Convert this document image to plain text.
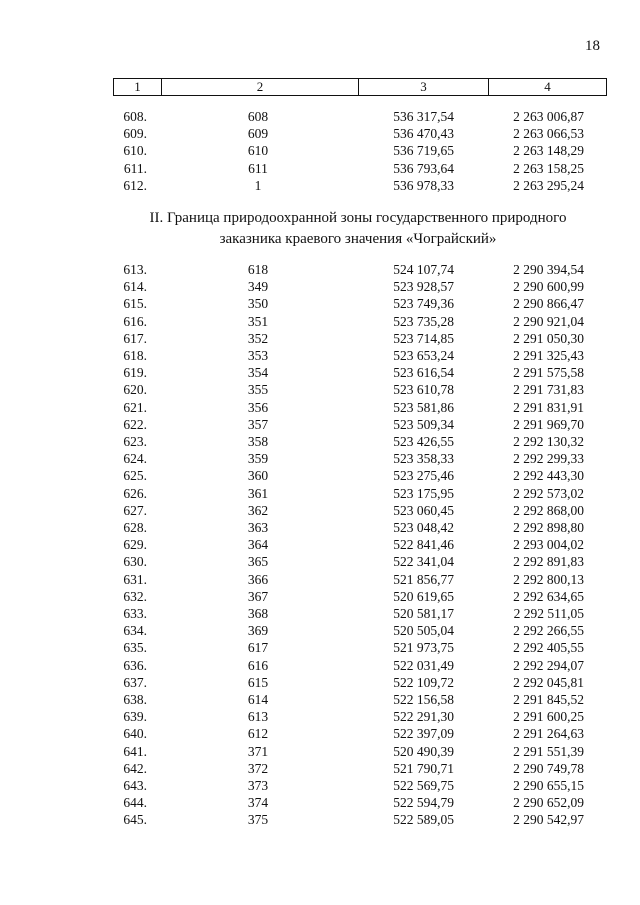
18
1	2	3	4
608.	608	536 317,54	2 263 006,87
609.	609	536 470,43	2 263 066,53
610.	610	536 719,65	2 263 148,29
611.	611	536 793,64	2 263 158,25
612.	1	536 978,33	2 263 295,24
II. Граница природоохранной зоны государственного природного
заказника краевого значения «Чограйский»
613.	618	524 107,74	2 290 394,54
614.	349	523 928,57	2 290 600,99
615.	350	523 749,36	2 290 866,47
616.	351	523 735,28	2 290 921,04
617.	352	523 714,85	2 291 050,30
618.	353	523 653,24	2 291 325,43
619.	354	523 616,54	2 291 575,58
620.	355	523 610,78	2 291 731,83
621.	356	523 581,86	2 291 831,91
622.	357	523 509,34	2 291 969,70
623.	358	523 426,55	2 292 130,32
624.	359	523 358,33	2 292 299,33
625.	360	523 275,46	2 292 443,30
626.	361	523 175,95	2 292 573,02
627.	362	523 060,45	2 292 868,00
628.	363	523 048,42	2 292 898,80
629.	364	522 841,46	2 293 004,02
630.	365	522 341,04	2 292 891,83
631.	366	521 856,77	2 292 800,13
632.	367	520 619,65	2 292 634,65
633.	368	520 581,17	2 292 511,05
634.	369	520 505,04	2 292 266,55
635.	617	521 973,75	2 292 405,55
636.	616	522 031,49	2 292 294,07
637.	615	522 109,72	2 292 045,81
638.	614	522 156,58	2 291 845,52
639.	613	522 291,30	2 291 600,25
640.	612	522 397,09	2 291 264,63
641.	371	520 490,39	2 291 551,39
642.	372	521 790,71	2 290 749,78
643.	373	522 569,75	2 290 655,15
644.	374	522 594,79	2 290 652,09
645.	375	522 589,05	2 290 542,97
